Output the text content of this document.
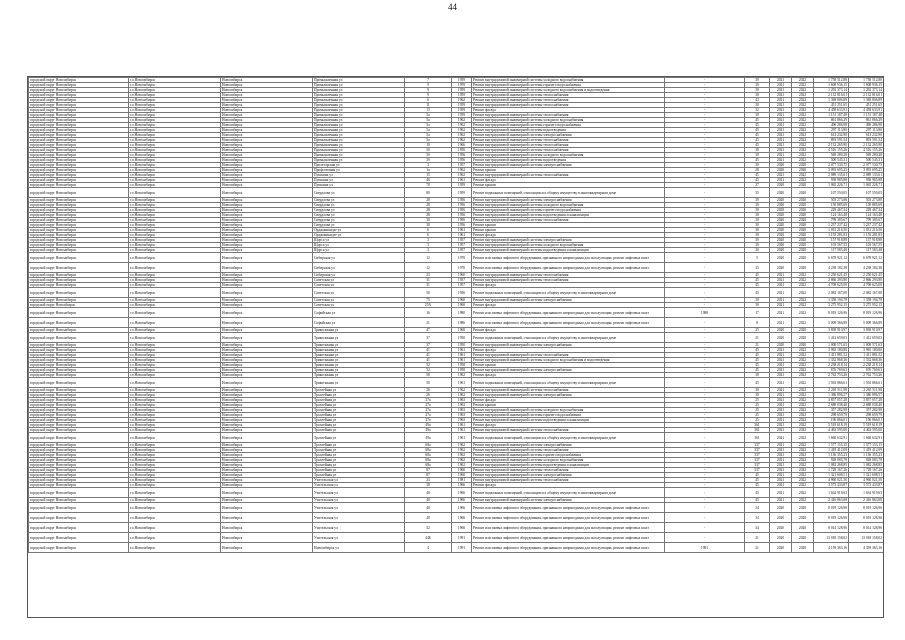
44
городской округ Новосибирск	г.о.Новосибирск	Новосибирск	Промышленная ул	7	1959	Ремонт внутридомовой инженерной системы холодного водоснабжения	-	30	2021	2022	1 758 512,88	1 758 512,88
городской округ Новосибирск	г.о.Новосибирск	Новосибирск	Промышленная ул	9	1959	Ремонт внутридомовой инженерной системы горячего водоснабжения	-	30	2021	2022	1 608 936,15	1 608 936,15
городской округ Новосибирск	г.о.Новосибирск	Новосибирск	Промышленная ул	9	1959	Ремонт внутридомовой инженерной системы холодного водоснабжения и водоотведения	-	30	2021	2022	1 292 373,14	1 292 373,14
городской округ Новосибирск	г.о.Новосибирск	Новосибирск	Промышленная ул	9	1959	Ремонт внутридомовой инженерной системы теплоснабжения	-	30	2021	2022	2 132 816,01	2 132 816,01
городской округ Новосибирск	г.о.Новосибирск	Новосибирск	Промышленная ул	6	1962	Ремонт внутридомовой инженерной системы теплоснабжения	-	43	2021	2022	1 369 806,89	1 369 806,89
городской округ Новосибирск	г.о.Новосибирск	Новосибирск	Промышленная ул	11	1959	Ремонт внутридомовой инженерной системы теплоснабжения	-	30	2021	2022	451 251,65	451 251,65
городской округ Новосибирск	г.о.Новосибирск	Новосибирск	Промышленная ул	13	1959	Ремонт фасада	-	32	2021	2022	4 458 633,91	4 458 633,91
городской округ Новосибирск	г.о.Новосибирск	Новосибирск	Промышленная ул	5а	1959	Ремонт внутридомовой инженерной системы теплоснабжения	-	30	2021	2022	1 151 187,48	1 151 187,48
городской округ Новосибирск	г.о.Новосибирск	Новосибирск	Промышленная ул	5а	1962	Ремонт внутридомовой инженерной системы холодного водоснабжения	-	45	2021	2022	861 866,29	861 866,29
городской округ Новосибирск	г.о.Новосибирск	Новосибирск	Промышленная ул	5а	1962	Ремонт внутридомовой инженерной системы горячего водоснабжения	-	45	2021	2022	496 286,98	496 286,98
городской округ Новосибирск	г.о.Новосибирск	Новосибирск	Промышленная ул	5а	1962	Ремонт внутридомовой инженерной системы водоотведения	-	45	2021	2022	297 113,80	297 113,80
городской округ Новосибирск	г.о.Новосибирск	Новосибирск	Промышленная ул	5а	1962	Ремонт внутридомовой инженерной системы электроснабжения	-	45	2021	2022	613 232,90	613 232,90
городской округ Новосибирск	г.о.Новосибирск	Новосибирск	Промышленная ул	5а	1962	Ремонт внутридомовой инженерной системы теплоснабжения	-	45	2021	2022	893 591,54	893 591,54
городской округ Новосибирск	г.о.Новосибирск	Новосибирск	Промышленная ул	10	1966	Ремонт внутридомовой инженерной системы теплоснабжения	-	45	2021	2022	2 132 265,90	2 132 265,90
городской округ Новосибирск	г.о.Новосибирск	Новосибирск	Промышленная ул	3б	1956	Ремонт внутридомовой инженерной системы теплоснабжения	-	30	2021	2022	4 516 155,26	4 516 155,26
городской округ Новосибирск	г.о.Новосибирск	Новосибирск	Промышленная ул	3б	1956	Ремонт внутридомовой инженерной системы холодного водоснабжения	-	30	2021	2022	569 280,28	569 280,28
городской округ Новосибирск	г.о.Новосибирск	Новосибирск	Промышленная ул	3б	1956	Ремонт внутридомовой инженерной системы водоотведения	-	45	2021	2022	500 545,31	500 545,31
городской округ Новосибирск	г.о.Новосибирск	Новосибирск	Пролетарская ул	3	1957	Ремонт внутридомовой инженерной системы электроснабжения	-	30	2020	2020	2 077 530,75	2 077 530,75
городской округ Новосибирск	г.о.Новосибирск	Новосибирск	Профсоюзная ул	1а	1962	Ремонт крыши	-	28	2020	2020	3 093 695,25	3 093 695,25
городской округ Новосибирск	г.о.Новосибирск	Новосибирск	Пушкина ул	15	1962	Ремонт внутридомовой инженерной системы теплоснабжения	-	45	2021	2022	2 089 135,61	2 089 135,61
городской округ Новосибирск	г.о.Новосибирск	Новосибирск	Пушкина ул	46	1961	Ремонт фасада	-	45	2021	2022	938 985,88	938 985,88
городской округ Новосибирск	г.о.Новосибирск	Новосибирск	Пушкина ул	70	1959	Ремонт крыши	-	27	2020	2020	1 065 226,71	1 065 226,71
городской округ Новосибирск	г.о.Новосибирск	Новосибирск	Свердлова ул	80	1959	Ремонт подвальных помещений, относящихся к общему имуществу в многоквартирном доме	-	35	2020	2020	107 550,05	107 550,05
городской округ Новосибирск	г.о.Новосибирск	Новосибирск	Свердлова ул	28	1956	Ремонт внутридомовой инженерной системы электроснабжения	-	30	2020	2020	503 273,88	503 273,88
городской округ Новосибирск	г.о.Новосибирск	Новосибирск	Свердлова ул	28	1956	Ремонт внутридомовой инженерной системы холодного водоснабжения	-	30	2020	2020	150 885,69	150 885,69
городской округ Новосибирск	г.о.Новосибирск	Новосибирск	Свердлова ул	28	1956	Ремонт внутридомовой инженерной системы горячего водоснабжения	-	30	2020	2020	229 467,34	229 467,34
городской округ Новосибирск	г.о.Новосибирск	Новосибирск	Свердлова ул	28	1956	Ремонт внутридомовой инженерной системы водоотведения и канализации	-	30	2020	2020	124 163,48	124 163,48
городской округ Новосибирск	г.о.Новосибирск	Новосибирск	Свердлова ул	30	1956	Ремонт внутридомовой инженерной системы теплоснабжения	-	30	2020	2020	799 385,67	799 385,67
городской округ Новосибирск	г.о.Новосибирск	Новосибирск	Свердлова ул	30	1956	Ремонт крыши	-	30	2020	2020	1 237 237,42	1 237 237,42
городской округ Новосибирск	г.о.Новосибирск	Новосибирск	Орджоникидзе ул	6	1961	Ремонт крыши	-	30	2020	2020	1 031 216,50	1 031 216,50
городской округ Новосибирск	г.о.Новосибирск	Новосибирск	Орджоникидзе ул	6	1961	Ремонт фасада	-	30	2020	2020	1 155 281,83	1 155 281,83
городской округ Новосибирск	г.о.Новосибирск	Новосибирск	Щорса ул	3	1957	Ремонт внутридомовой инженерной системы электроснабжения	-	30	2020	2020	157 918,88	157 918,88
городской округ Новосибирск	г.о.Новосибирск	Новосибирск	Щорса ул	3	1957	Ремонт внутридомовой инженерной системы холодного водоснабжения	-	30	2020	2020	103 567,55	103 567,55
городской округ Новосибирск	г.о.Новосибирск	Новосибирск	Щорса ул	3	1957	Ремонт внутридомовой инженерной системы водоотведения и канализации	-	30	2020	2020	117 583,48	117 583,48
городской округ Новосибирск	г.о.Новосибирск	Новосибирск	Сибирская ул	12	1970	Ремонт или замена лифтового оборудования, признанного непригодным для эксплуатации, ремонт лифтовых шахт	-	5	2020	2020	6 678 921,12	6 678 921,12
городской округ Новосибирск	г.о.Новосибирск	Новосибирск	Сибирская ул	12	1970	Ремонт или замена лифтового оборудования, признанного непригодным для эксплуатации, ремонт лифтовых шахт	-	25	2020	2020	4 238 182,38	4 238 182,38
городской округ Новосибирск	г.о.Новосибирск	Новосибирск	Сибирская ул	23	1960	Ремонт внутридомовой инженерной системы теплоснабжения	-	45	2021	2022	2 250 621,45	2 250 621,45
городской округ Новосибирск	г.о.Новосибирск	Новосибирск	Советская ул	31	1957	Ремонт внутридомовой инженерной системы теплоснабжения	-	45	2021	2022	2 866 293,80	2 866 293,80
городской округ Новосибирск	г.о.Новосибирск	Новосибирск	Советская ул	31	1957	Ремонт фасада	-	45	2021	2022	4 708 625,00	4 708 625,00
городской округ Новосибирск	г.о.Новосибирск	Новосибирск	Советская ул	50	1956	Ремонт подвальных помещений, относящихся к общему имуществу в многоквартирном доме	-	45	2021	2022	2 082 167,00	2 082 167,00
городской округ Новосибирск	г.о.Новосибирск	Новосибирск	Советская ул	75	1960	Ремонт внутридомовой инженерной системы электроснабжения	-	30	2021	2022	1 358 194,78	1 358 194,78
городской округ Новосibирск	г.о.Новосибирск	Новосибирск	Советская ул	25А	1960	Ремонт фасада	-	30	2021	2022	3 275 952,15	3 275 952,15
городской округ Новосибирск	г.о.Новосибирск	Новосибирск	Софийская ул	16	1980	Ремонт или замена лифтового оборудования, признанного непригодным для эксплуатации, ремонт лифтовых шахт	1980	17	2021	2022	8 019 126,96	8 019 126,96
городской округ Новосибирск	г.о.Новосибирск	Новосибирск	Софийская ул	21	1986	Ремонт или замена лифтового оборудования, признанного непригодным для эксплуатации, ремонт лифтовых шахт	-	8	2021	2022	5 009 366,89	5 009 366,89
городской округ Новосибирск	г.о.Новосибирск	Новосибирск	Трикотажная ул	47	1960	Ремонт фасада	-	25	2020	2020	3 838 910,97	3 838 910,97
городской округ Новосибирск	г.о.Новосибирск	Новосибирск	Трикотажная ул	37	1950	Ремонт подвальных помещений, относящихся к общему имуществу в многоквартирном доме	-	21	2020	2020	1 412 659,03	1 412 659,03
городской округ Новосибирск	г.о.Новосибирск	Новосибирск	Трикотажная ул	37	1950	Ремонт внутридомовой инженерной системы электроснабжения	-	21	2020	2020	1 008 571,63	1 008 571,63
городской округ Новосибирск	г.о.Новосибирск	Новосибирск	Трикотажная ул	41	1961	Ремонт фасада	-	45	2021	2022	3 965 180,80	3 965 180,80
городской округ Новосибирск	г.о.Новосибирск	Новосибирск	Трикотажная ул	41	1961	Ремонт внутридомовой инженерной системы теплоснабжения	-	45	2021	2022	1 411 881,52	1 411 881,52
городской округ Новосибирск	г.о.Новосибирск	Новосибирск	Трикотажная ул	41	1961	Ремонт внутридомовой инженерной системы холодного водоснабжения и водоотведения	-	45	2021	2022	1 332 868,36	1 332 868,36
городской округ Новосибирск	г.о.Новосибирск	Новосибирск	Трикотажная ул	52	1958	Ремонт крыши	-	45	2021	2022	2 238 218,14	2 238 218,14
городской округ Новосибирск	г.о.Новосибирск	Новосибирск	Трикотажная ул	52	1958	Ремонт внутридомовой инженерной системы электроснабжения	-	45	2021	2022	676 769,63	676 769,63
городской округ Новосибирск	г.о.Новосибирск	Новосибирск	Трикотажная ул	58	1962	Ремонт фасада	-	30	2021	2022	2 762 753,26	2 762 753,26
городской округ Новосибирск	г.о.Новосибирск	Новосибирск	Трикотажная ул	50	1961	Ремонт подвальных помещений, относящихся к общему имуществу в многоквартирном доме	-	45	2021	2022	1 592 866,61	1 592 866,61
городской округ Новосибирск	г.о.Новосибирск	Новосибирск	Троллейная ул	26	1962	Ремонт внутридомовой инженерной системы теплоснабжения	-	30	2021	2022	2 265 511,98	2 265 511,98
городской округ Новосибирск	г.о.Новосибирск	Новосибирск	Троллейная ул	26	1962	Ремонт внутридомовой инженерной системы электроснабжения	-	30	2021	2022	1 386 896,57	1 386 896,57
городской округ Новосибирск	г.о.Новосибирск	Новосибирск	Троллейная ул	27а	1963	Ремонт фасада	-	25	2021	2022	3 857 057,28	3 857 057,28
городской округ Новосибирск	г.о.Новосибирск	Новосибирск	Троллейная ул	27а	1963	Ремонт крыши	-	25	2021	2022	2 688 038,40	2 688 038,40
городской округ Новосибирск	г.о.Новосибирск	Новосибирск	Троллейная ул	27а	1963	Ремонт внутридомовой инженерной системы холодного водоснабжения	-	25	2021	2022	357 282,98	357 282,98
городской округ Новосибирск	г.о.Новосибирск	Новосибирск	Троллейная ул	27а	1963	Ремонт внутридомовой инженерной системы горячего водоснабжения	-	25	2021	2022	298 659,79	298 659,79
городской округ Новосибирск	г.о.Новосибирск	Новосибирск	Троллейная ул	27а	1963	Ремонт внутридомовой инженерной системы водоотведения и канализации	-	25	2021	2022	196 866,01	196 866,01
городской округ Новосибирск	г.о.Новосибирск	Новосибирск	Троллейная ул	49а	1961	Ремонт фасада	-	361	2021	2022	5 519 618,19	5 519 618,19
городской округ Новосибирск	г.о.Новосибирск	Новосибирск	Троллейная ул	49а	1961	Ремонт внутридомовой инженерной системы теплоснабжения	-	361	2021	2022	4 463 595,00	4 463 595,00
городской округ Новосибирск	г.о.Новосибирск	Новосибирск	Троллейная ул	49а	1961	Ремонт подвальных помещений, относящихся к общему имуществу в многоквартирном доме	-	361	2021	2022	1 660 632,91	1 660 632,91
городской округ Новосибирск	г.о.Новосибирск	Новосибирск	Троллейная ул	68а	1962	Ремонт внутридомовой инженерной системы электроснабжения	-	337	2021	2022	1 577 153,15	1 577 153,15
городской округ Новосибирск	г.о.Новосибирск	Новосибирск	Троллейная ул	68а	1962	Ремонт внутридомовой инженерной системы теплоснабжения	-	337	2021	2022	1 419 412,09	1 419 412,09
городской округ Новосибирск	г.о.Новосибирск	Новосибирск	Троллейная ул	68а	1962	Ремонт внутридомовой инженерной системы горячего водоснабжения	-	337	2021	2022	1 136 355,23	1 136 355,23
городской округ Новосибирск	г.о.Новосибирск	Новосибирск	Троллейная ул	68а	1962	Ремонт внутридомовой инженерной системы холодного водоснабжения	-	337	2021	2022	928 083,78	928 083,78
городской округ Новосибирск	г.о.Новосибирск	Новосибирск	Троллейная ул	68а	1962	Ремонт внутридомовой инженерной системы водоотведения и канализации	-	337	2021	2022	1 082 268,85	1 082 268,85
городской округ Новосибирск	г.о.Новосибирск	Новосибирск	Троллейная ул	87	1960	Ремонт внутридомовой инженерной системы теплоснабжения	-	337	2021	2022	1 728 167,26	1 728 167,26
городской округ Новосибирск	г.о.Новосибирск	Новосибирск	Троллейная ул	87	1960	Ремонт внутридомовой инженерной системы электроснабжения	-	45	2021	2022	1 321 608,51	1 321 608,51
городской округ Новосибирск	г.о.Новосибирск	Новосибирск	Учительская ул	23	1981	Ремонт внутридомовой инженерной системы теплоснабжения	-	45	2021	2022	4 960 021,50	4 960 021,50
городской округ Новосибирск	г.о.Новосибирск	Новосибирск	Учительская ул	38	1966	Ремонт фасада	-	45	2021	2022	3 573 433,87	3 573 433,87
городской округ Новосибирск	г.о.Новосибирск	Новосибирск	Учительская ул	40	1966	Ремонт подвальных помещений, относящихся к общему имуществу в многоквартирном доме	-	45	2021	2022	1 634 919,63	1 634 919,63
городской округ Новосибирск	г.о.Новосибирск	Новосибирск	Учительская ул	40	1966	Ремонт внутридомовой инженерной системы электроснабжения	-	45	2021	2022	2 416 863,08	2 416 863,08
городской округ Новосибирск	г.о.Новосибирск	Новосибирск	Учительская ул	40	1966	Ремонт или замена лифтового оборудования, признанного непригодным для эксплуатации, ремонт лифтовых шахт	-	34	2020	2020	8 019 126,96	8 019 126,96
городской округ Новосибирск	г.о.Новосибирск	Новосибирск	Учительская ул	40	1966	Ремонт или замена лифтового оборудования, признанного непригодным для эксплуатации, ремонт лифтовых шахт	-	34	2020	2020	8 019 126,96	8 019 126,96
городской округ Новосибирск	г.о.Новосибирск	Новосибирск	Учительская ул	52	1966	Ремонт или замена лифтового оборудования, признанного непригодным для эксплуатации, ремонт лифтовых шахт	-	34	2020	2020	8 014 128,96	8 014 128,96
городской округ Новосибирск	г.о.Новосибирск	Новосибирск	Учительская ул	44Б	1991	Ремонт или замена лифтового оборудования, признанного непригодным для эксплуатации, ремонт лифтовых шахт	-	21	2020	2020	13 018 158,02	13 018 158,02
городской округ Новосибирск	г.о.Новосибирск	Новосибирск	Новосибирск ул	4	1991	Ремонт или замена лифтового оборудования, признанного непригодным для эксплуатации, ремонт лифтовых шахт	1991	21	2020	2020	4 159 363,16	4 359 363,16
